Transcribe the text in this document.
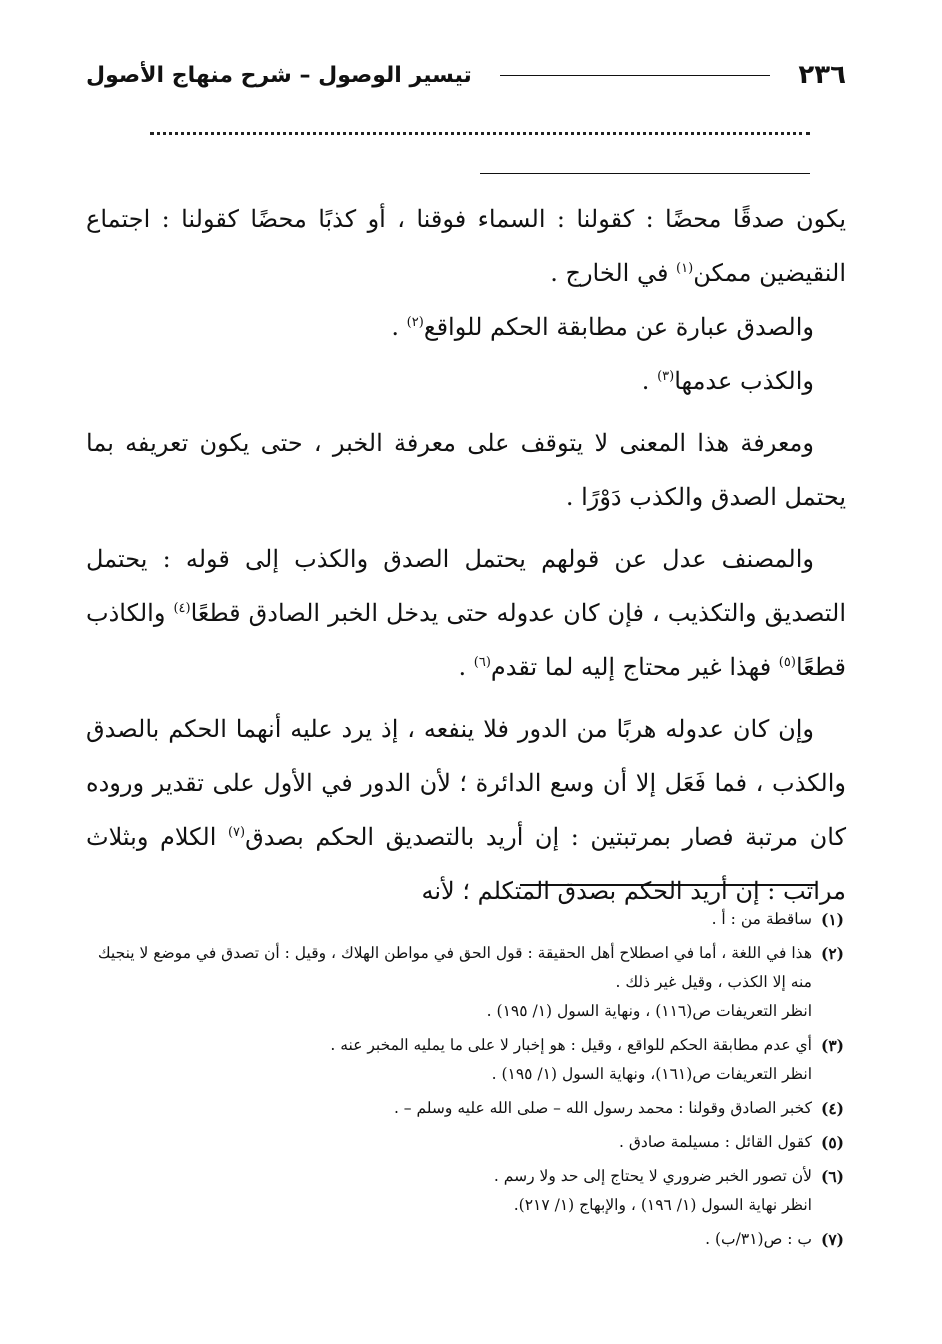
تيسير الوصول – شرح منهاج الأصول	٢٣٦

يكون صدقًا محضًا : كقولنا : السماء فوقنا ، أو كذبًا محضًا كقولنا : اجتماع النقيضين ممكن$^{(١)}$ في الخارج .

والصدق عبارة عن مطابقة الحكم للواقع$^{(٢)}$ .

والكذب عدمها$^{(٣)}$ .

ومعرفة هذا المعنى لا يتوقف على معرفة الخبر ، حتى يكون تعريفه بما يحتمل الصدق والكذب دَوْرًا .

والمصنف عدل عن قولهم يحتمل الصدق والكذب إلى قوله : يحتمل التصديق والتكذيب ، فإن كان عدوله حتى يدخل الخبر الصادق قطعًا$^{(٤)}$ والكاذب قطعًا$^{(٥)}$ فهذا غير محتاج إليه لما تقدم$^{(٦)}$ .

وإن كان عدوله هربًا من الدور فلا ينفعه ، إذ يرد عليه أنهما الحكم بالصدق والكذب ، فما فَعَل إلا أن وسع الدائرة ؛ لأن الدور في الأول على تقدير وروده كان مرتبة فصار بمرتبتين : إن أريد بالتصديق الحكم بصدق$^{(٧)}$ الكلام وبثلاث مراتب : إن أريد الحكم بصدق المتكلم ؛ لأنه

(١)
ساقطة من : أ .
(٢)
هذا في اللغة ، أما في اصطلاح أهل الحقيقة : قول الحق في مواطن الهلاك ، وقيل : أن تصدق في موضع لا ينجيك منه إلا الكذب ، وقيل غير ذلك .
انظر التعريفات ص(١١٦) ، ونهاية السول (١/ ١٩٥) .
(٣)
أي عدم مطابقة الحكم للواقع ، وقيل : هو إخبار لا على ما يمليه المخبر عنه .
انظر التعريفات ص(١٦١)، ونهاية السول (١/ ١٩٥) .
(٤)
كخبر الصادق وقولنا : محمد رسول الله – صلى الله عليه وسلم – .
(٥)
كقول القائل : مسيلمة صادق .
(٦)
لأن تصور الخبر ضروري لا يحتاج إلى حد ولا رسم .
انظر نهاية السول (١/ ١٩٦) ، والإبهاج (١/ ٢١٧).
(٧)
ب : ص(٣١/ب) .
